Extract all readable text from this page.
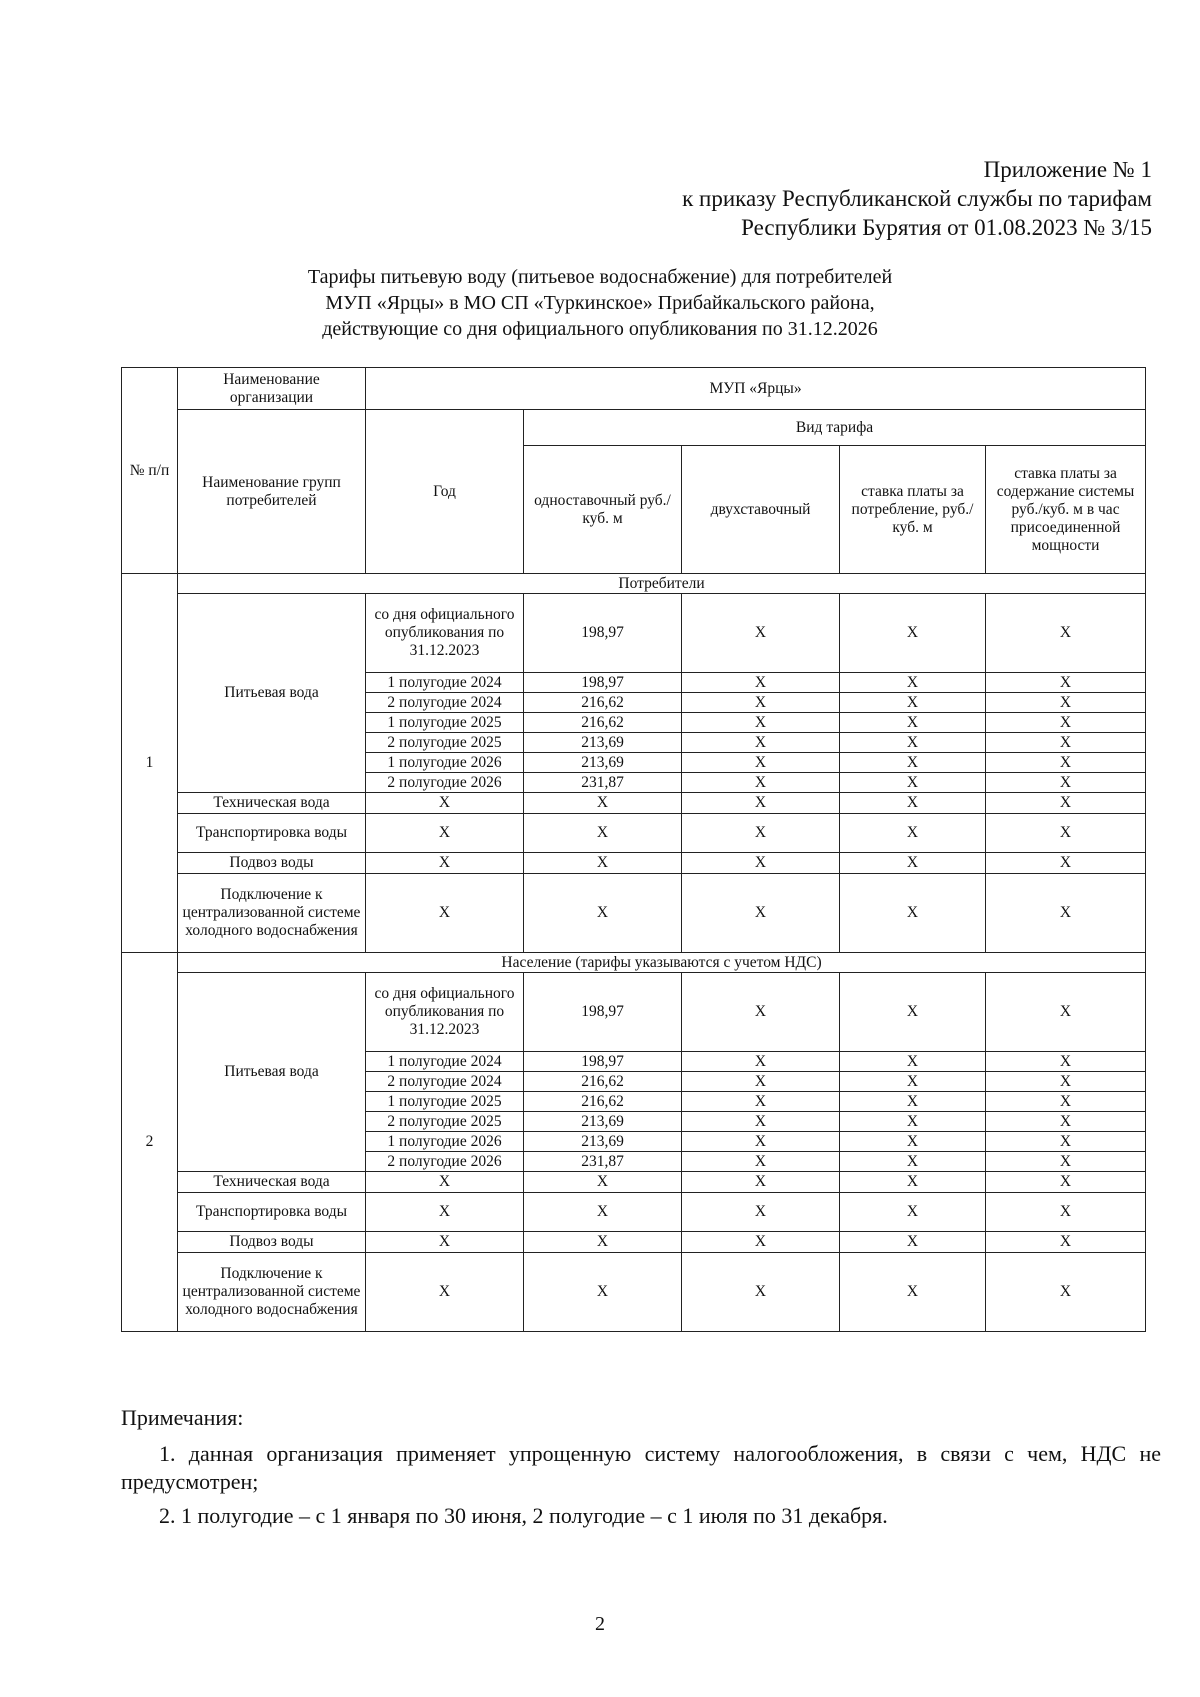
Приложение № 1
к приказу Республиканской службы по тарифам
Республики Бурятия от 01.08.2023 № 3/15
Тарифы питьевую воду (питьевое водоснабжение) для потребителей
МУП «Ярцы» в МО СП «Туркинское» Прибайкальского района,
действующие со дня официального опубликования по 31.12.2026
№ п/п	Наименование организации	МУП «Ярцы»				
	Наименование групп потребителей	Год	Вид тарифа			
			одноставочный руб./ куб. м	двухставочный	ставка платы за потребление, руб./ куб. м	ставка платы за содержание системы руб./куб. м в час присоединенной мощности
1	Потребители					
	Питьевая вода	со дня официального опубликования по 31.12.2023	198,97	X	X	X
		1 полугодие 2024	198,97	X	X	X
		2 полугодие 2024	216,62	X	X	X
		1 полугодие 2025	216,62	X	X	X
		2 полугодие 2025	213,69	X	X	X
		1 полугодие 2026	213,69	X	X	X
		2 полугодие 2026	231,87	X	X	X
	Техническая вода	X	X	X	X	X
	Транспортировка воды	X	X	X	X	X
	Подвоз воды	X	X	X	X	X
	Подключение к централизованной системе холодного водоснабжения	X	X	X	X	X
2	Население (тарифы указываются с учетом НДС)					
	Питьевая вода	со дня официального опубликования по 31.12.2023	198,97	X	X	X
		1 полугодие 2024	198,97	X	X	X
		2 полугодие 2024	216,62	X	X	X
		1 полугодие 2025	216,62	X	X	X
		2 полугодие 2025	213,69	X	X	X
		1 полугодие 2026	213,69	X	X	X
		2 полугодие 2026	231,87	X	X	X
	Техническая вода	X	X	X	X	X
	Транспортировка воды	X	X	X	X	X
	Подвоз воды	X	X	X	X	X
	Подключение к централизованной системе холодного водоснабжения	X	X	X	X	X

Примечания:

1. данная организация применяет упрощенную систему налогообложения, в связи с чем, НДС не предусмотрен;

2. 1 полугодие – с 1 января по 30 июня, 2 полугодие – с 1 июля по 31 декабря.

2
